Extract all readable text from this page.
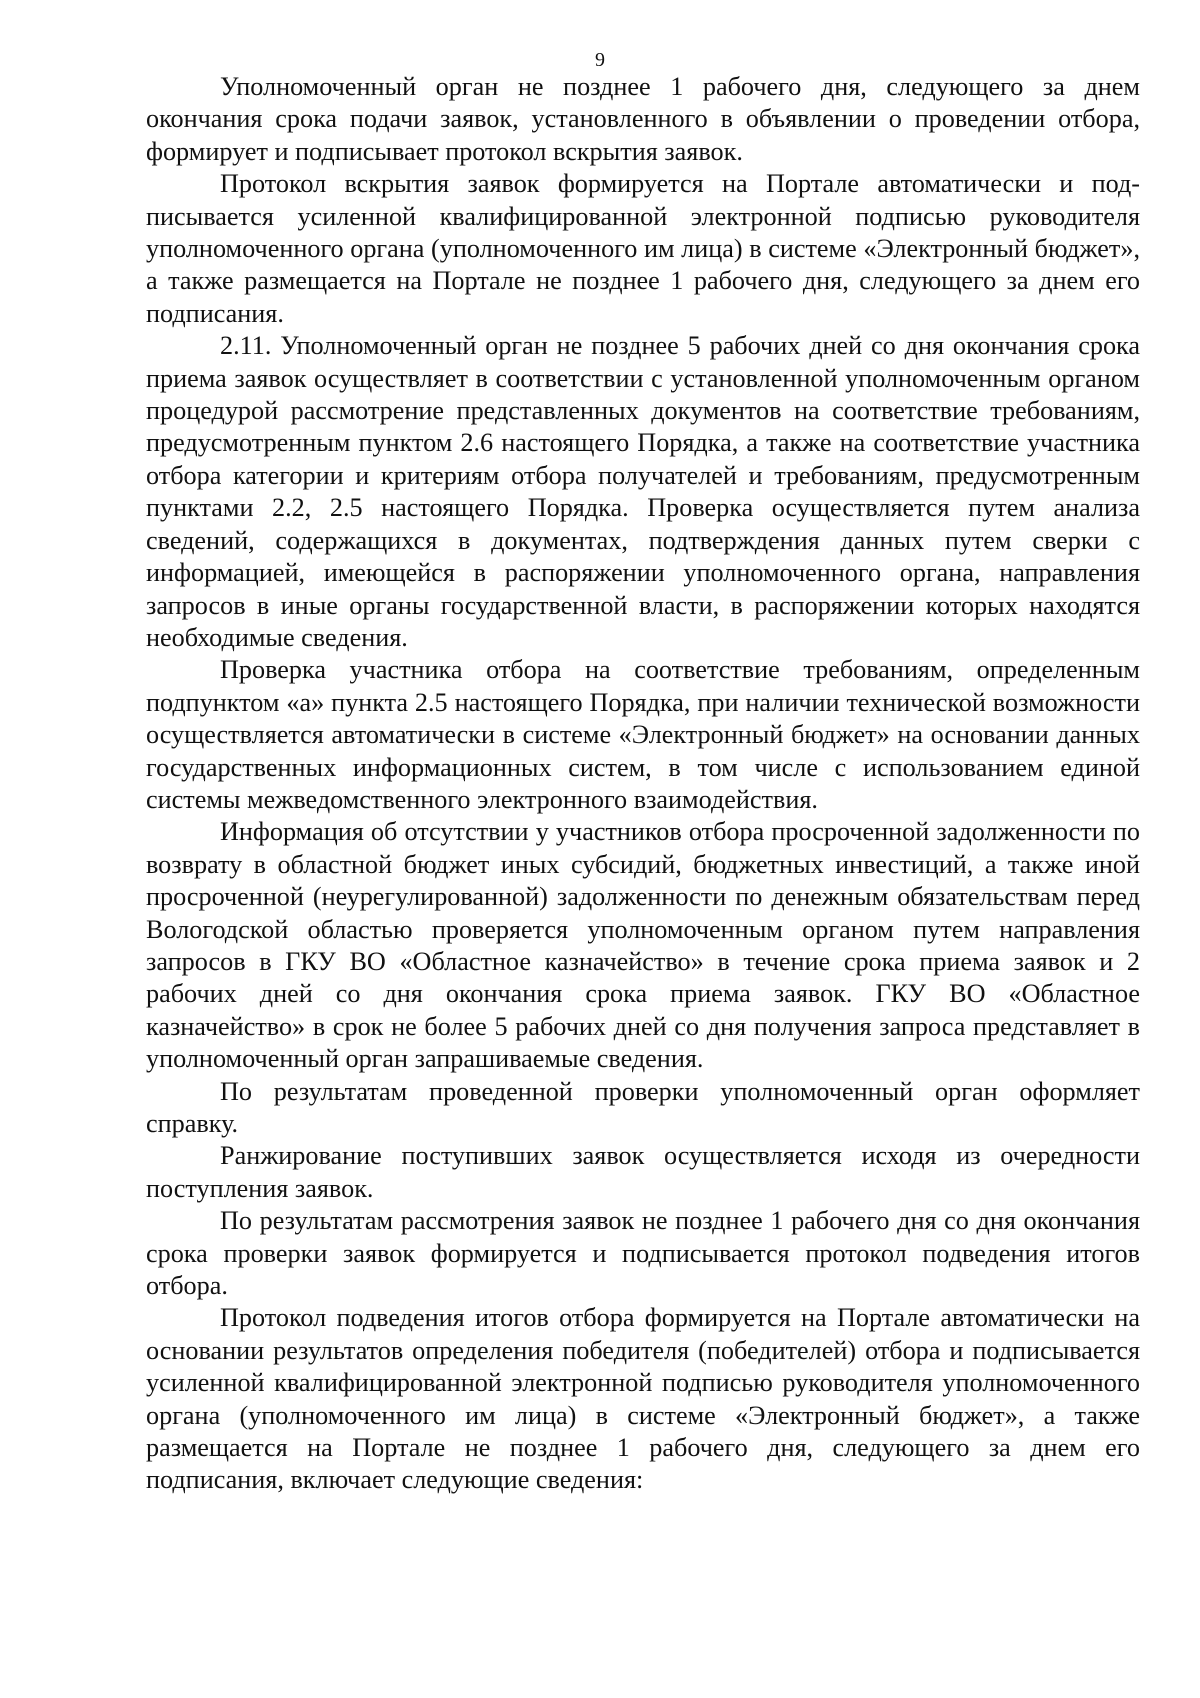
9

Уполномоченный орган не позднее 1 рабочего дня, следующего за днем окончания срока подачи заявок, установленного в объявлении о проведении отбора, формирует и подписывает протокол вскрытия заявок.

Протокол вскрытия заявок формируется на Портале автоматически и подписывается усиленной квалифицированной электронной подписью руководителя уполномоченного органа (уполномоченного им лица) в системе «Электронный бюджет», а также размещается на Портале не позднее 1 рабочего дня, следующего за днем его подписания.

2.11. Уполномоченный орган не позднее 5 рабочих дней со дня окончания срока приема заявок осуществляет в соответствии с установленной уполномоченным органом процедурой рассмотрение представленных документов на соответствие требованиям, предусмотренным пунктом 2.6 настоящего Порядка, а также на соответствие участника отбора категории и критериям отбора получателей и требованиям, предусмотренным пунктами 2.2, 2.5 настоящего Порядка. Проверка осуществляется путем анализа сведений, содержащихся в документах, подтверждения данных путем сверки с информацией, имеющейся в распоряжении уполномоченного органа, направления запросов в иные органы государственной власти, в распоряжении которых находятся необходимые сведения.

Проверка участника отбора на соответствие требованиям, определенным подпунктом «а» пункта 2.5 настоящего Порядка, при наличии технической возможности осуществляется автоматически в системе «Электронный бюджет» на основании данных государственных информационных систем, в том числе с использованием единой системы межведомственного электронного взаимодействия.

Информация об отсутствии у участников отбора просроченной задолженности по возврату в областной бюджет иных субсидий, бюджетных инвестиций, а также иной просроченной (неурегулированной) задолженности по денежным обязательствам перед Вологодской областью проверяется уполномоченным органом путем направления запросов в ГКУ ВО «Областное казначейство» в течение срока приема заявок и 2 рабочих дней со дня окончания срока приема заявок. ГКУ ВО «Областное казначейство» в срок не более 5 рабочих дней со дня получения запроса представляет в уполномоченный орган запрашиваемые сведения.

По результатам проведенной проверки уполномоченный орган оформляет справку.

Ранжирование поступивших заявок осуществляется исходя из очередности поступления заявок.

По результатам рассмотрения заявок не позднее 1 рабочего дня со дня окончания срока проверки заявок формируется и подписывается протокол подведения итогов отбора.

Протокол подведения итогов отбора формируется на Портале автоматически на основании результатов определения победителя (победителей) отбора и подписывается усиленной квалифицированной электронной подписью руководителя уполномоченного органа (уполномоченного им лица) в системе «Электронный бюджет», а также размещается на Портале не позднее 1 рабочего дня, следующего за днем его подписания, включает следующие сведения:
